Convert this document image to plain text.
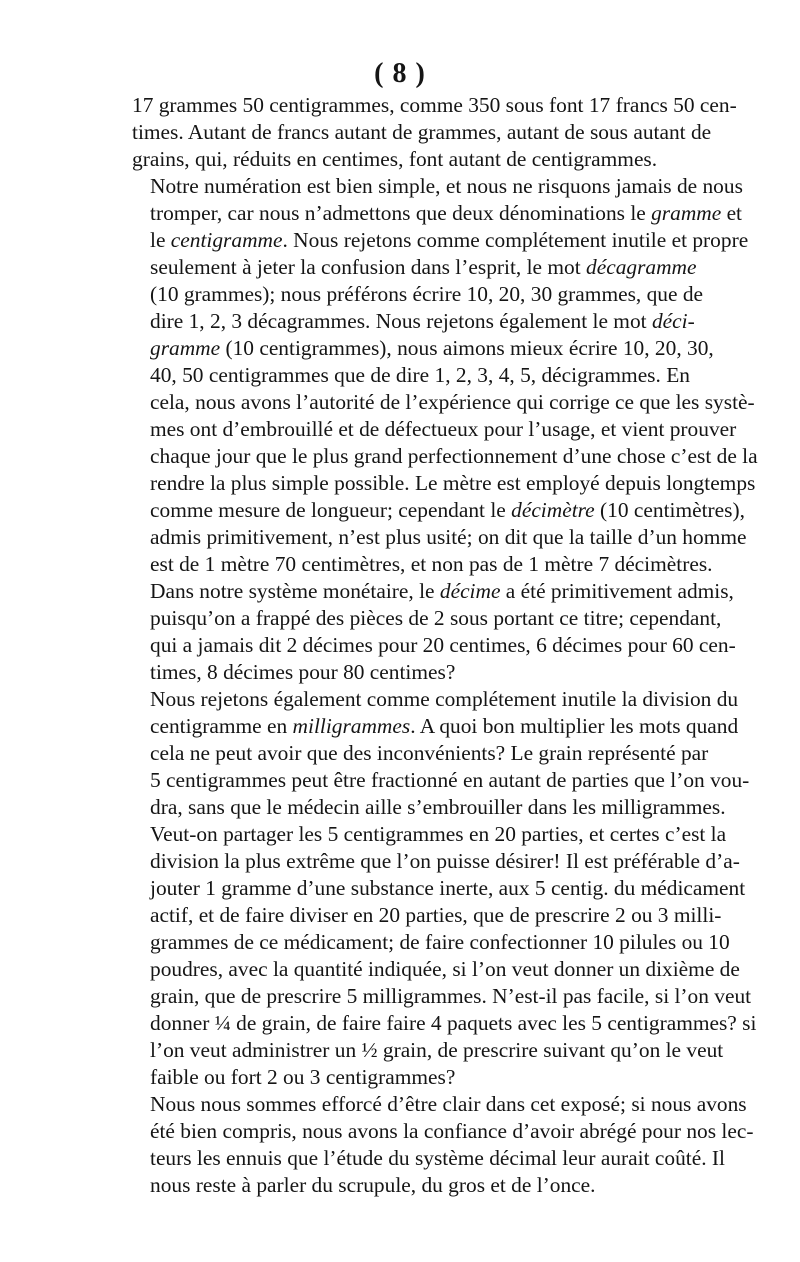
( 8 )
17 grammes 50 centigrammes, comme 350 sous font 17 francs 50 cen-
times. Autant de francs autant de grammes, autant de sous autant de
grains, qui, réduits en centimes, font autant de centigrammes.
Notre numération est bien simple, et nous ne risquons jamais de nous
tromper, car nous n’admettons que deux dénominations le gramme et
le centigramme. Nous rejetons comme complétement inutile et propre
seulement à jeter la confusion dans l’esprit, le mot décagramme
(10 grammes); nous préférons écrire 10, 20, 30 grammes, que de
dire 1, 2, 3 décagrammes. Nous rejetons également le mot déci-
gramme (10 centigrammes), nous aimons mieux écrire 10, 20, 30,
40, 50 centigrammes que de dire 1, 2, 3, 4, 5, décigrammes. En
cela, nous avons l’autorité de l’expérience qui corrige ce que les systè-
mes ont d’embrouillé et de défectueux pour l’usage, et vient prouver
chaque jour que le plus grand perfectionnement d’une chose c’est de la
rendre la plus simple possible. Le mètre est employé depuis longtemps
comme mesure de longueur; cependant le décimètre (10 centimètres),
admis primitivement, n’est plus usité; on dit que la taille d’un homme
est de 1 mètre 70 centimètres, et non pas de 1 mètre 7 décimètres.
Dans notre système monétaire, le décime a été primitivement admis,
puisqu’on a frappé des pièces de 2 sous portant ce titre; cependant,
qui a jamais dit 2 décimes pour 20 centimes, 6 décimes pour 60 cen-
times, 8 décimes pour 80 centimes?
Nous rejetons également comme complétement inutile la division du
centigramme en milligrammes. A quoi bon multiplier les mots quand
cela ne peut avoir que des inconvénients? Le grain représenté par
5 centigrammes peut être fractionné en autant de parties que l’on vou-
dra, sans que le médecin aille s’embrouiller dans les milligrammes.
Veut-on partager les 5 centigrammes en 20 parties, et certes c’est la
division la plus extrême que l’on puisse désirer! Il est préférable d’a-
jouter 1 gramme d’une substance inerte, aux 5 centig. du médicament
actif, et de faire diviser en 20 parties, que de prescrire 2 ou 3 milli-
grammes de ce médicament; de faire confectionner 10 pilules ou 10
poudres, avec la quantité indiquée, si l’on veut donner un dixième de
grain, que de prescrire 5 milligrammes. N’est-il pas facile, si l’on veut
donner ¼ de grain, de faire faire 4 paquets avec les 5 centigrammes? si
l’on veut administrer un ½ grain, de prescrire suivant qu’on le veut
faible ou fort 2 ou 3 centigrammes?
Nous nous sommes efforcé d’être clair dans cet exposé; si nous avons
été bien compris, nous avons la confiance d’avoir abrégé pour nos lec-
teurs les ennuis que l’étude du système décimal leur aurait coûté. Il
nous reste à parler du scrupule, du gros et de l’once.
